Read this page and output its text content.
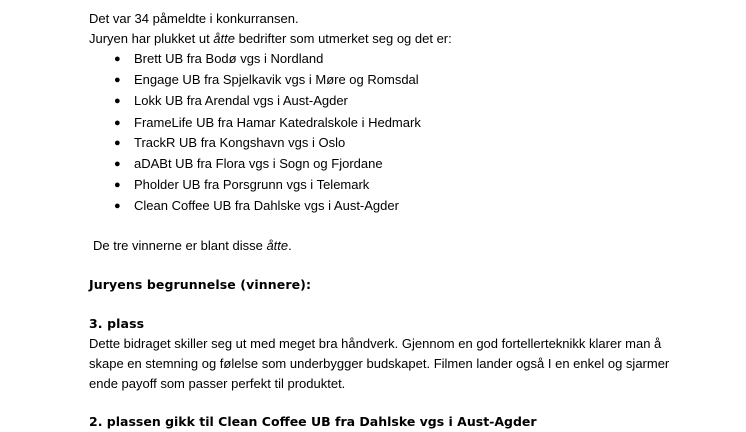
Det var 34 påmeldte i konkurransen.
Juryen har plukket ut åtte bedrifter som utmerket seg og det er:
● Brett UB fra Bodø vgs i Nordland
● Engage UB fra Spjelkavik vgs i Møre og Romsdal
● Lokk UB fra Arendal vgs i Aust-Agder
● FrameLife UB fra Hamar Katedralskole i Hedmark
● TrackR UB fra Kongshavn vgs i Oslo
● aDABt UB fra Flora vgs i Sogn og Fjordane
● Pholder UB fra Porsgrunn vgs i Telemark
● Clean Coffee UB fra Dahlske vgs i Aust-Agder
De tre vinnerne er blant disse åtte.
Juryens begrunnelse (vinnere):
3. plass
Dette bidraget skiller seg ut med meget bra håndverk. Gjennom en god fortellerteknikk klarer man å
skape en stemning og følelse som underbygger budskapet. Filmen lander også I en enkel og sjarmer
ende payoff som passer perfekt til produktet.
2. plassen gikk til Clean Coffee UB fra Dahlske vgs i Aust-Agder
